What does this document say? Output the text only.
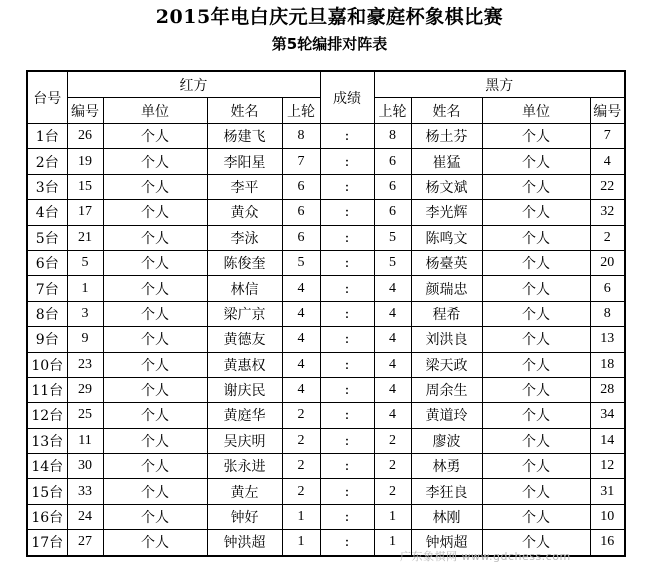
2015年电白庆元旦嘉和豪庭杯象棋比赛
第5轮编排对阵表
台号	红方				成绩	黑方			
	编号	单位	姓名	上轮		上轮	姓名	单位	编号
1台	26	个人	杨建飞	8	:	8	杨土芬	个人	7
2台	19	个人	李阳星	7	:	6	崔猛	个人	4
3台	15	个人	李平	6	:	6	杨文斌	个人	22
4台	17	个人	黄众	6	:	6	李光辉	个人	32
5台	21	个人	李泳	6	:	5	陈鸣文	个人	2
6台	5	个人	陈俊奎	5	:	5	杨臺英	个人	20
7台	1	个人	林信	4	:	4	颜瑞忠	个人	6
8台	3	个人	梁广京	4	:	4	程希	个人	8
9台	9	个人	黄德友	4	:	4	刘洪良	个人	13
10台	23	个人	黄惠权	4	:	4	梁天政	个人	18
11台	29	个人	谢庆民	4	:	4	周余生	个人	28
12台	25	个人	黄庭华	2	:	4	黄道玲	个人	34
13台	11	个人	吴庆明	2	:	2	廖波	个人	14
14台	30	个人	张永进	2	:	2	林勇	个人	12
15台	33	个人	黄左	2	:	2	李狂良	个人	31
16台	24	个人	钟好	1	:	1	林刚	个人	10
17台	27	个人	钟洪超	1	:	1	钟炳超	个人	16
广东象棋网 www.gdchess.com
